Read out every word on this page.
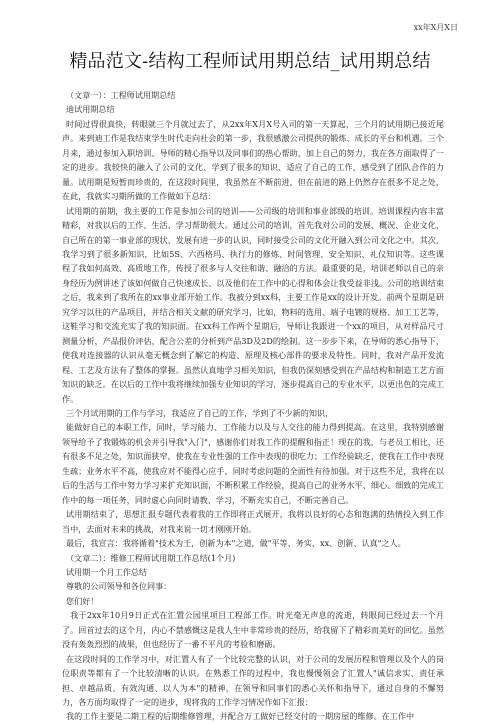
xx年X月X日
精品范文-结构工程师试用期总结_试用期总结

（文章一）：工程师试用期总结

迪试用期总结

时间过得很真快，转眼就三个月就过去了，从2xx年X月X号入司的第一天算起，三个月的试用期已接近尾声。来到迪工作是我结束学生时代走向社会的第一步，我很感激公司提供的锻炼、成长的平台和机遇。三个月来，通过参加入职培训、导师的精心指导以及同事们的热心帮助，加上自己的努力，我在各方面取得了一定的进步。我较快的融入了公司的文化、学到了很多的知识、适应了自己的工作，感受到了团队合作的力量。试用期是短暂而珍贵的，在这段时间里，我虽然在不断前进，但在前进的路上仍然存在很多不足之处，在此，我就实习期所做的工作做如下总结：

试用期的前期，我主要的工作是参加公司的培训——公司级的培训和事业部级的培训。培训课程内容丰富精彩，对我以后的工作、生活、学习帮助很大。通过公司的培训，首先我对公司的发展、概况、企业文化，自己所在的第一事业部的现状、发展有进一步的认识，同时接受公司的文化开融入到公司文化之中。其次，我学习到了很多新知识，比如5S、六西格玛、执行力的修炼、时间管理、安全知识、礼仪知识等。这些课程了我如何高效、高质地工作，传授了很多与人交往和谐、融洽的方法。最重要的是，培训老师以自己的亲身经历为例讲述了该如何做自己快速成长、以及他们在工作中的心得和体会让我受益非浅。公司的培训结束之后，我来到了我所在的xx事业部开始工作。我被分到xx科，主要工作是xx的设计开发。前两个星期是研究学习以往的产品项目，并结合相关文献的研究学习，比如，物料的选用、端子电镀的规格、加工工艺等，这鞋学习和交流充实了我的知识面。在xx科工作两个星期后，导师让我跟进一个xx的项目，从对样品尺寸测量分析，产品报价评估，配合公差的分析到产品3D及2D的绘制。这一步步下来，在导师的悉心指导下，使我对连接器的认识从毫无概念到了解它的构造、原理及核心部件的要求及特性。同时，我对产品开发流程、工艺及方法有了整体的掌握。虽然认真地学习相关知识，但我仍深刻感受到在产品结构和制造工艺方面知识的缺乏。在以后的工作中我将继续加强专业知识的学习，逐步提高自己的专业水平，以更出色的完成工作。

三个月试用期的工作与学习，我适应了自己的工作，学到了不少新的知识，

能做好自己的本职工作，同时，学习能力、工作能力以及与人交往的能力得到提高。在这里，我特别感谢领导给予了我锻炼的机会并引导我"入门"，感谢你们对我工作的提醒和指正！现在的我，与老员工相比，还有很多不足之处，知识面狭窄，使我在专业性强的工作中表现的很吃力；工作经验缺乏，使我在工作中表现生疏；业务水平不高，使我应对不能得心应手，同时考虑问题的全面性有待加强。对于这些不足，我将在以后的生活与工作中努力学习来扩充知识面，不断积累工作经验，提高自己的业务水平、细心、细致的完成工作中的每一项任务，同时虚心向同时请教、学习，不断充实自己，不断完善自己。

试用期结束了，思想汇报专题代表着我的工作即将正式展开，我将以良好的心态和饱满的热情投入到工作当中，去面对未来的挑战，对我来说一切才刚刚开始。

最后，我宣言：我将循着"技术为王，创新为本"之道，做"平等、务实、xx、创新、认真"之人。

（文章二）：维修工程师试用期工作总结(1个月)

试用期一个月工作总结

尊敬的公司领导和各位同事：

您们好！

我于2xx年10月9日正式在汇置公园里项目工程部工作。时光毫无声息的流逝，转眼间已经过去一个月了。回首过去的这个月，内心不禁感慨这是我人生中非常珍贵的经历，给我留下了精彩而美好的回忆。虽然没有轰轰烈烈的战果，但也经历了一番不平凡的考验和磨砺。

在这段时间的工作学习中，对汇置人有了一个比较完整的认识，对于公司的发展历程和管理以及个人的岗位职责等都有了一个比较清晰的认识。在熟悉工作的过程中，我也慢慢领会了汇置人"诚信求实、责任承担、卓越品质、有效沟通、以人为本"的精神，在领导和同事们的悉心关怀和指导下，通过自身的不懈努力，各方面均取得了一定的进步，现将我的工作学习情况作如下汇报：

我的工作主要是二期工程的后期维修管理，并配合万工做好已经交付的一期房屋的维修。在工作中
